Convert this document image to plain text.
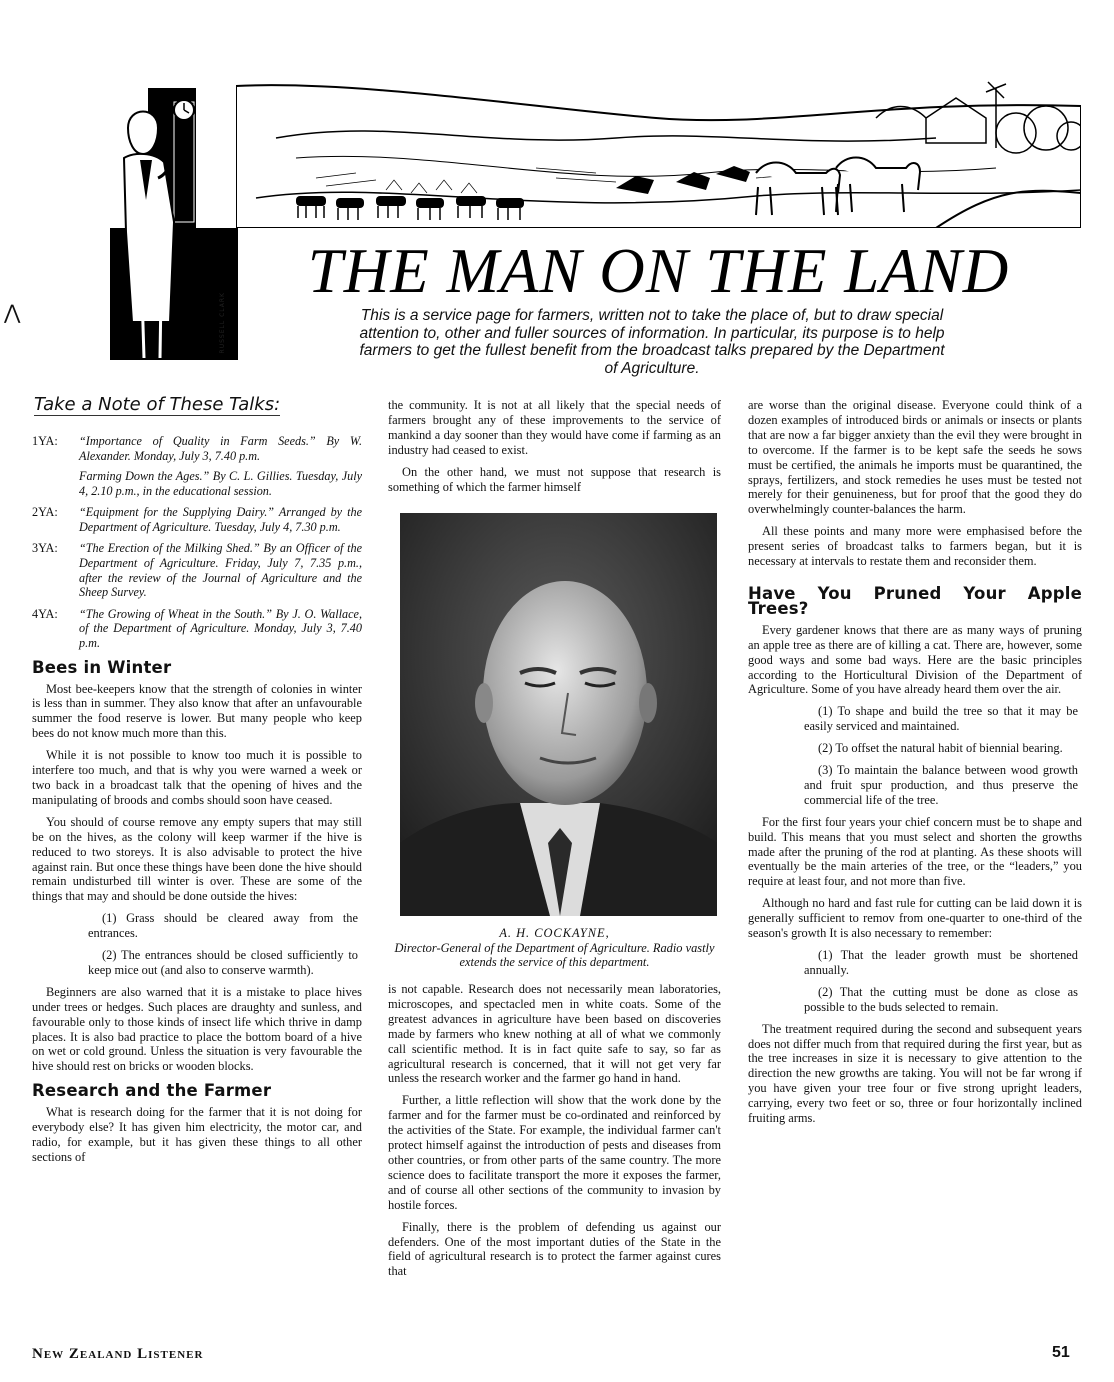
⋀	RUSSELL CLARK
THE MAN ON THE LAND
This is a service page for farmers, written not to take the place of, but to draw special attention to, other and fuller sources of information. In particular, its purpose is to help farmers to get the fullest benefit from the broadcast talks prepared by the Department of Agriculture.
Take a Note of These Talks:
1YA: “Importance of Quality in Farm Seeds.” By W. Alexander. Monday, July 3, 7.40 p.m.

Farming Down the Ages.” By C. L. Gillies. Tuesday, July 4, 2.10 p.m., in the educational session.

2YA: “Equipment for the Supplying Dairy.” Arranged by the Department of Agriculture. Tuesday, July 4, 7.30 p.m.

3YA: “The Erection of the Milking Shed.” By an Officer of the Department of Agriculture. Friday, July 7, 7.35 p.m., after the review of the Journal of Agriculture and the Sheep Survey.

4YA: “The Growing of Wheat in the South.” By J. O. Wallace, of the Department of Agriculture. Monday, July 3, 7.40 p.m.

Bees in Winter

Most bee-keepers know that the strength of colonies in winter is less than in summer. They also know that after an unfavourable summer the food reserve is lower. But many people who keep bees do not know much more than this.

While it is not possible to know too much it is possible to interfere too much, and that is why you were warned a week or two back in a broadcast talk that the opening of hives and the manipulating of broods and combs should soon have ceased.

You should of course remove any empty supers that may still be on the hives, as the colony will keep warmer if the hive is reduced to two storeys. It is also advisable to protect the hive against rain. But once these things have been done the hive should remain undisturbed till winter is over. These are some of the things that may and should be done outside the hives:

(1) Grass should be cleared away from the entrances.

(2) The entrances should be closed sufficiently to keep mice out (and also to conserve warmth).

Beginners are also warned that it is a mistake to place hives under trees or hedges. Such places are draughty and sunless, and favourable only to those kinds of insect life which thrive in damp places. It is also bad practice to place the bottom board of a hive on wet or cold ground. Unless the situation is very favourable the hive should rest on bricks or wooden blocks.

Research and the Farmer

What is research doing for the farmer that it is not doing for everybody else? It has given him electricity, the motor car, and radio, for example, but it has given these things to all other sections of

the community. It is not at all likely that the special needs of farmers brought any of these improvements to the service of mankind a day sooner than they would have come if farming as an industry had ceased to exist.

On the other hand, we must not suppose that research is something of which the farmer himself

A. H. COCKAYNE,
Director-General of the Department of Agriculture. Radio vastly extends the service of this department.

is not capable. Research does not necessarily mean laboratories, microscopes, and spectacled men in white coats. Some of the greatest advances in agriculture have been based on discoveries made by farmers who knew nothing at all of what we commonly call scientific method. It is in fact quite safe to say, so far as agricultural research is concerned, that it will not get very far unless the research worker and the farmer go hand in hand.

Further, a little reflection will show that the work done by the farmer and for the farmer must be co-ordinated and reinforced by the activities of the State. For example, the individual farmer can't protect himself against the introduction of pests and diseases from other countries, or from other parts of the same country. The more science does to facilitate transport the more it exposes the farmer, and of course all other sections of the community to invasion by hostile forces.

Finally, there is the problem of defending us against our defenders. One of the most important duties of the State in the field of agricultural research is to protect the farmer against cures that

are worse than the original disease. Everyone could think of a dozen examples of introduced birds or animals or insects or plants that are now a far bigger anxiety than the evil they were brought in to overcome. If the farmer is to be kept safe the seeds he sows must be certified, the animals he imports must be quarantined, the sprays, fertilizers, and stock remedies he uses must be tested not merely for their genuineness, but for proof that the good they do overwhelmingly counter-balances the harm.

All these points and many more were emphasised before the present series of broadcast talks to farmers began, but it is necessary at intervals to restate them and reconsider them.

Have You Pruned Your Apple Trees?

Every gardener knows that there are as many ways of pruning an apple tree as there are of killing a cat. There are, however, some good ways and some bad ways. Here are the basic principles according to the Horticultural Division of the Department of Agriculture. Some of you have already heard them over the air.

(1) To shape and build the tree so that it may be easily serviced and maintained.

(2) To offset the natural habit of biennial bearing.

(3) To maintain the balance between wood growth and fruit spur production, and thus preserve the commercial life of the tree.

For the first four years your chief concern must be to shape and build. This means that you must select and shorten the growths made after the pruning of the rod at planting. As these shoots will eventually be the main arteries of the tree, or the “leaders,” you require at least four, and not more than five.

Although no hard and fast rule for cutting can be laid down it is generally sufficient to remov from one-quarter to one-third of the season's growth It is also necessary to remember:

(1) That the leader growth must be shortened annually.

(2) That the cutting must be done as close as possible to the buds selected to remain.

The treatment required during the second and subsequent years does not differ much from that required during the first year, but as the tree increases in size it is necessary to give attention to the direction the new growths are taking. You will not be far wrong if you have given your tree four or five strong upright leaders, carrying, every two feet or so, three or four horizontally inclined fruiting arms.

New Zealand Listener	51
